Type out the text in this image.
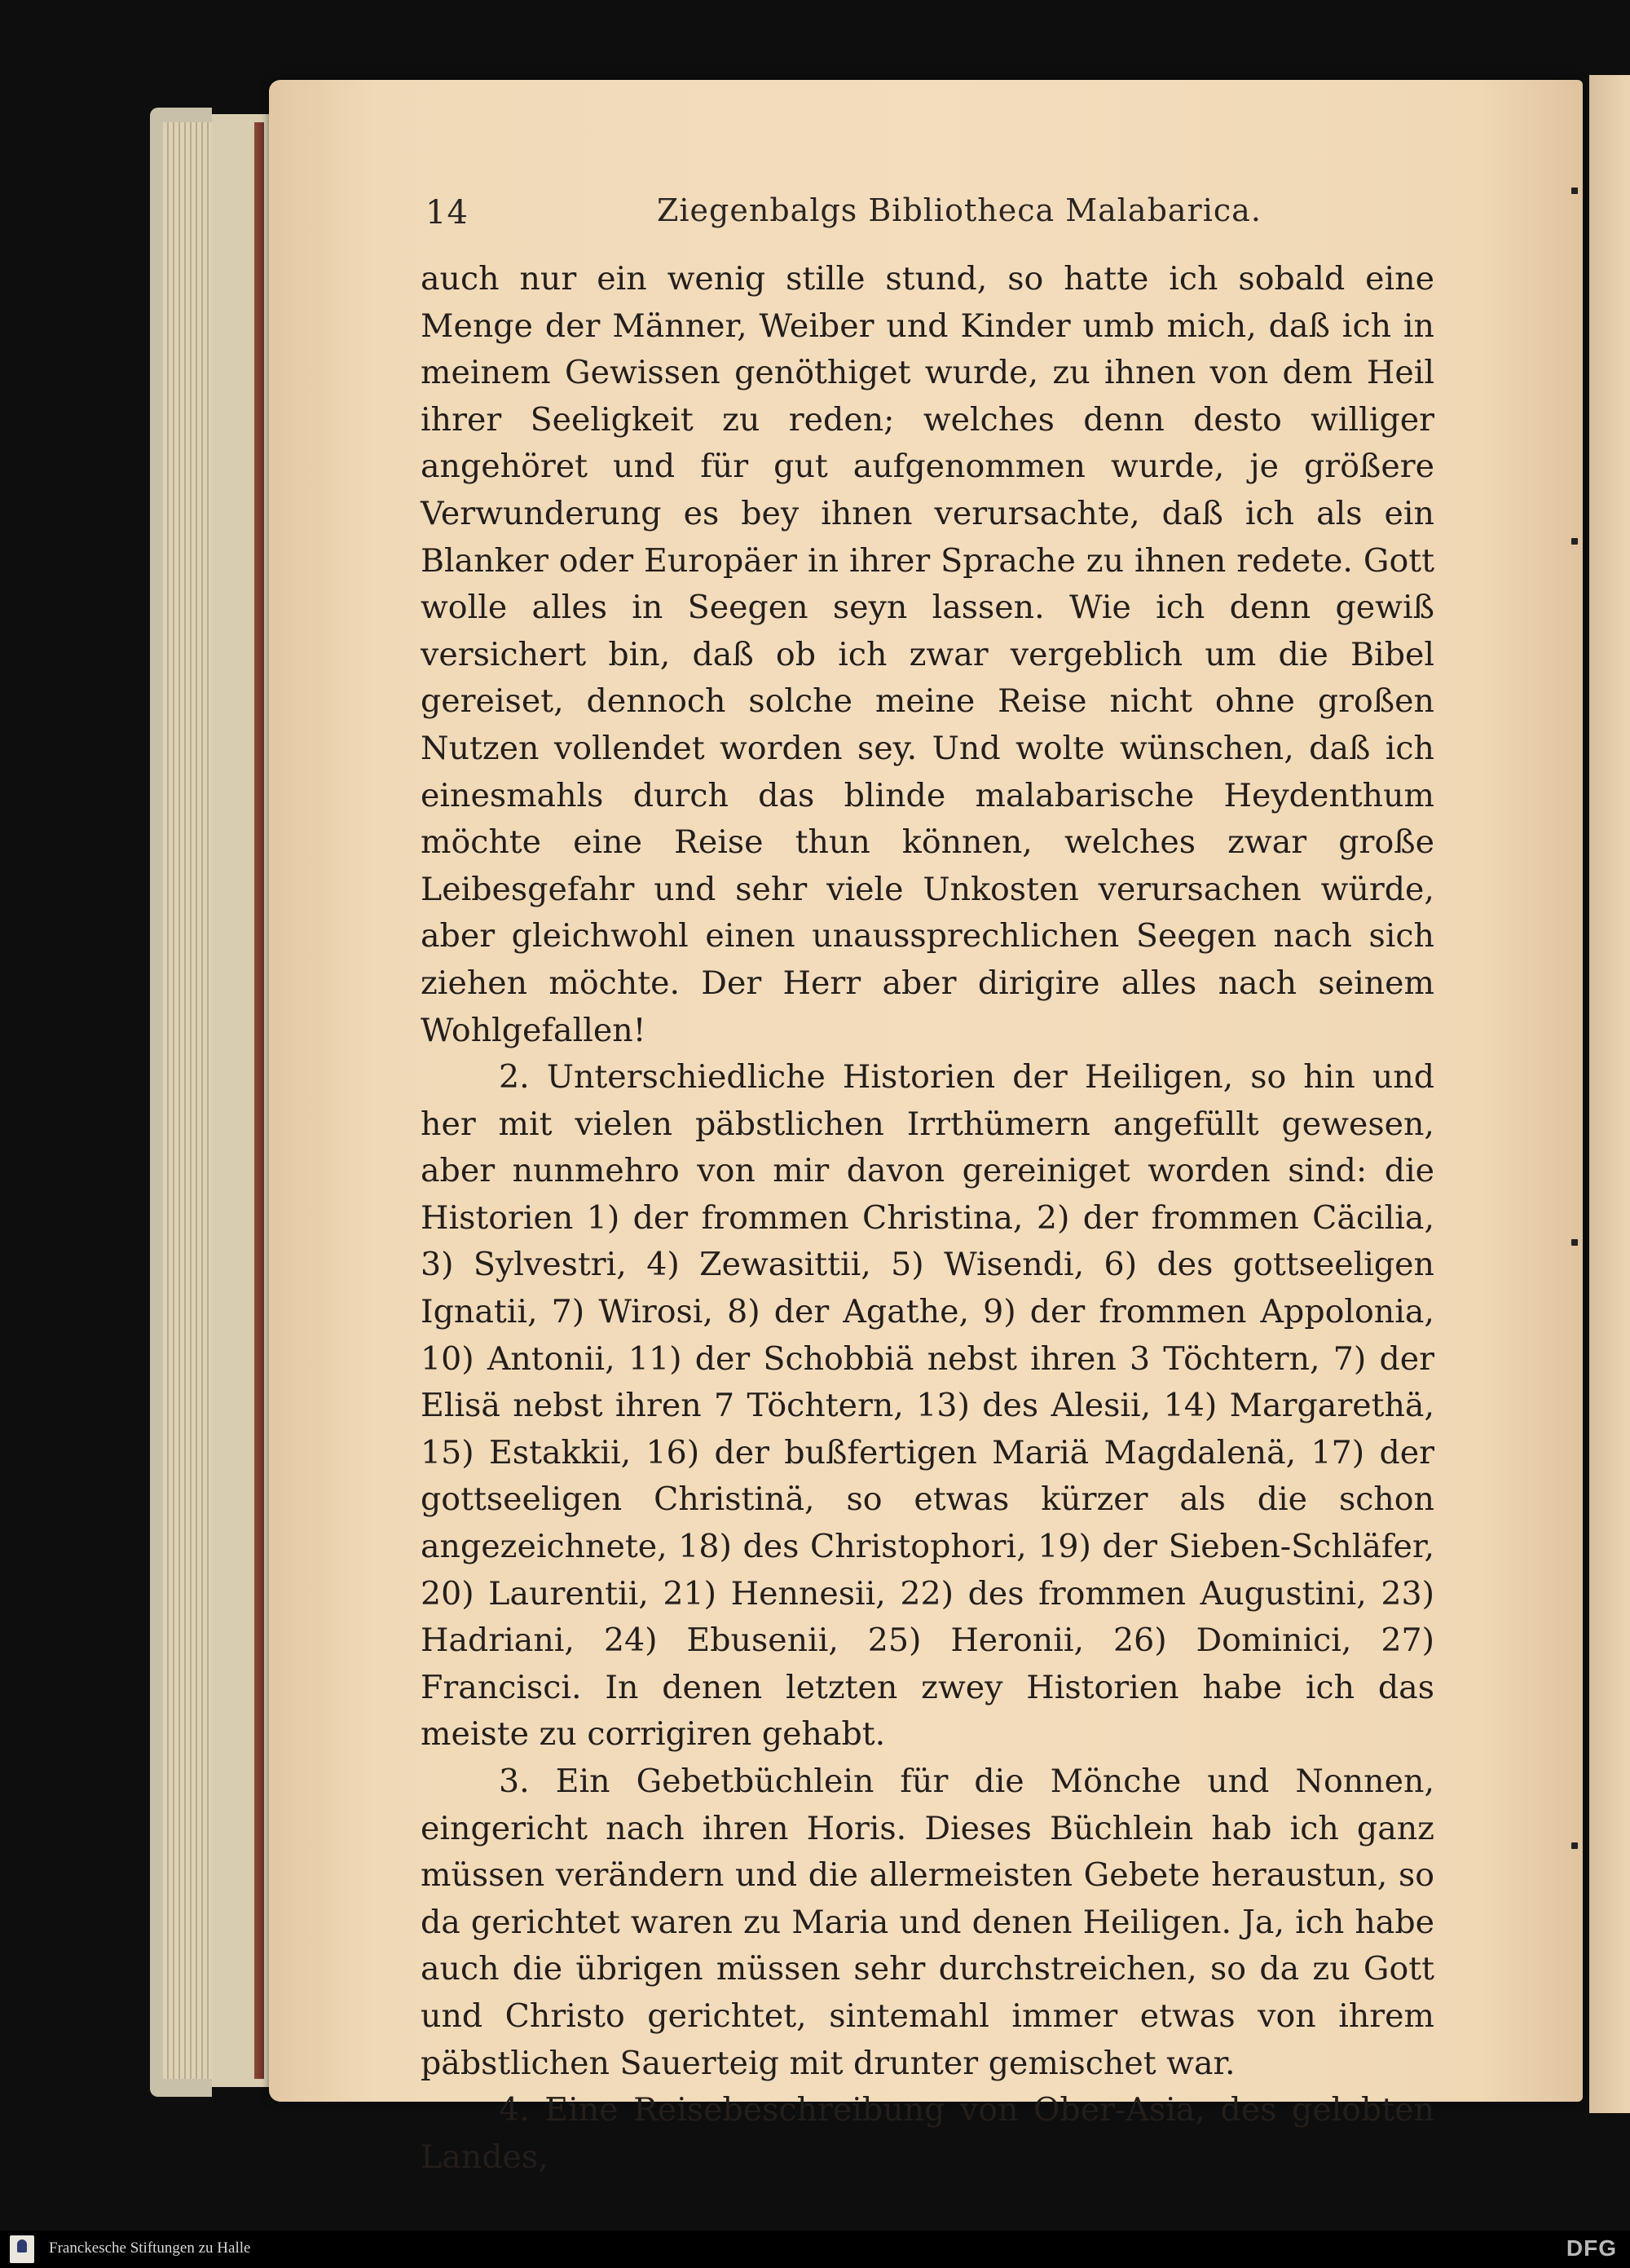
14	Ziegenbalgs Bibliotheca Malabarica.

auch nur ein wenig stille stund, so hatte ich sobald eine Menge der Männer, Weiber und Kinder umb mich, daß ich in meinem Gewissen genöthiget wurde, zu ihnen von dem Heil ihrer Seeligkeit zu reden; welches denn desto williger angehöret und für gut aufgenommen wurde, je größere Verwunderung es bey ihnen verursachte, daß ich als ein Blanker oder Europäer in ihrer Sprache zu ihnen redete. Gott wolle alles in Seegen seyn lassen. Wie ich denn gewiß versichert bin, daß ob ich zwar vergeblich um die Bibel gereiset, dennoch solche meine Reise nicht ohne großen Nutzen vollendet worden sey. Und wolte wünschen, daß ich einesmahls durch das blinde malabarische Heydenthum möchte eine Reise thun können, welches zwar große Leibesgefahr und sehr viele Unkosten verursachen würde, aber gleichwohl einen unaussprechlichen Seegen nach sich ziehen möchte. Der Herr aber dirigire alles nach seinem Wohlgefallen!

2. Unterschiedliche Historien der Heiligen, so hin und her mit vielen päbstlichen Irrthümern angefüllt gewesen, aber nunmehro von mir davon gereiniget worden sind: die Historien 1) der frommen Christina, 2) der frommen Cäcilia, 3) Sylvestri, 4) Zewasittii, 5) Wisendi, 6) des gottseeligen Ignatii, 7) Wirosi, 8) der Agathe, 9) der frommen Appolonia, 10) Antonii, 11) der Schobbiä nebst ihren 3 Töchtern, 7) der Elisä nebst ihren 7 Töchtern, 13) des Alesii, 14) Margarethä, 15) Estakkii, 16) der bußfertigen Mariä Magdalenä, 17) der gottseeligen Christinä, so etwas kürzer als die schon angezeichnete, 18) des Christophori, 19) der Sieben-Schläfer, 20) Laurentii, 21) Hennesii, 22) des frommen Augustini, 23) Hadriani, 24) Ebusenii, 25) Heronii, 26) Dominici, 27) Francisci. In denen letzten zwey Historien habe ich das meiste zu corrigiren gehabt.

3. Ein Gebetbüchlein für die Mönche und Nonnen, eingericht nach ihren Horis. Dieses Büchlein hab ich ganz müssen verändern und die allermeisten Gebete heraustun, so da gerichtet waren zu Maria und denen Heiligen. Ja, ich habe auch die übrigen müssen sehr durchstreichen, so da zu Gott und Christo gerichtet, sintemahl immer etwas von ihrem päbstlichen Sauerteig mit drunter gemischet war.

4. Eine Reisebeschreibung von Ober-Asia, des gelobten Landes,

Franckesche Stiftungen zu Halle	DFG
